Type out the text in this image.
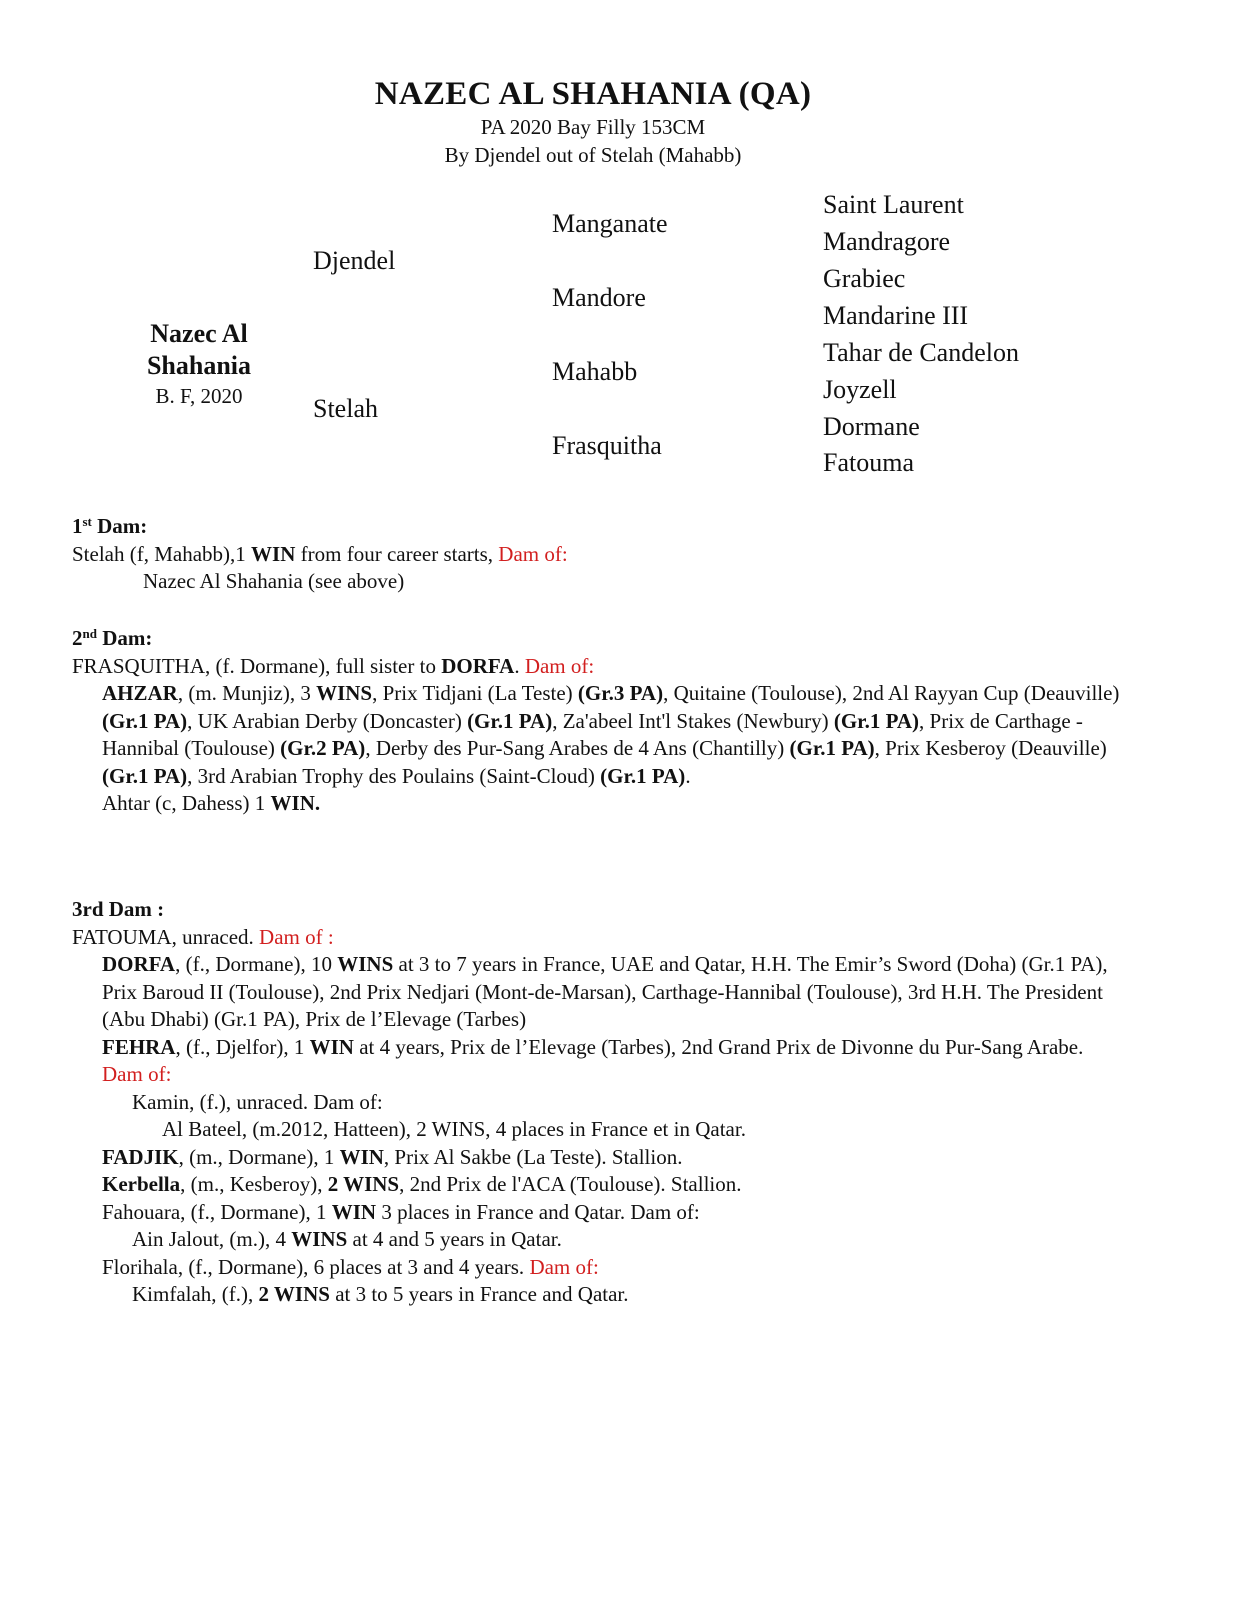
NAZEC AL SHAHANIA (QA)
PA 2020 Bay Filly 153CM
By Djendel out of Stelah (Mahabb)
Nazec Al
Shahania
B. F, 2020
Djendel
Stelah
Manganate
Mandore
Mahabb
Frasquitha
Saint Laurent
Mandragore
Grabiec
Mandarine III
Tahar de Candelon
Joyzell
Dormane
Fatouma
1st Dam:
Stelah (f, Mahabb),1 WIN from four career starts, Dam of:
Nazec Al Shahania (see above)
2nd Dam:
FRASQUITHA, (f. Dormane), full sister to DORFA. Dam of:
AHZAR, (m. Munjiz), 3 WINS, Prix Tidjani (La Teste) (Gr.3 PA), Quitaine (Toulouse), 2nd Al Rayyan Cup (Deauville) (Gr.1 PA), UK Arabian Derby (Doncaster) (Gr.1 PA), Za'abeel Int'l Stakes (Newbury) (Gr.1 PA), Prix de Carthage - Hannibal (Toulouse) (Gr.2 PA), Derby des Pur-Sang Arabes de 4 Ans (Chantilly) (Gr.1 PA), Prix Kesberoy (Deauville) (Gr.1 PA), 3rd Arabian Trophy des Poulains (Saint-Cloud) (Gr.1 PA).
Ahtar (c, Dahess) 1 WIN.
3rd Dam :
FATOUMA, unraced. Dam of :
DORFA, (f., Dormane), 10 WINS at 3 to 7 years in France, UAE and Qatar, H.H. The Emir’s Sword (Doha) (Gr.1 PA), Prix Baroud II (Toulouse), 2nd Prix Nedjari (Mont-de-Marsan), Carthage-Hannibal (Toulouse), 3rd H.H. The President (Abu Dhabi) (Gr.1 PA), Prix de l’Elevage (Tarbes)
FEHRA, (f., Djelfor), 1 WIN at 4 years, Prix de l’Elevage (Tarbes), 2nd Grand Prix de Divonne du Pur-Sang Arabe. Dam of:
Kamin, (f.), unraced. Dam of:
Al Bateel, (m.2012, Hatteen), 2 WINS, 4 places in France et in Qatar.
FADJIK, (m., Dormane), 1 WIN, Prix Al Sakbe (La Teste). Stallion.
Kerbella, (m., Kesberoy), 2 WINS, 2nd Prix de l'ACA (Toulouse). Stallion.
Fahouara, (f., Dormane), 1 WIN 3 places in France and Qatar. Dam of:
Ain Jalout, (m.), 4 WINS at 4 and 5 years in Qatar.
Florihala, (f., Dormane), 6 places at 3 and 4 years. Dam of:
Kimfalah, (f.), 2 WINS at 3 to 5 years in France and Qatar.
